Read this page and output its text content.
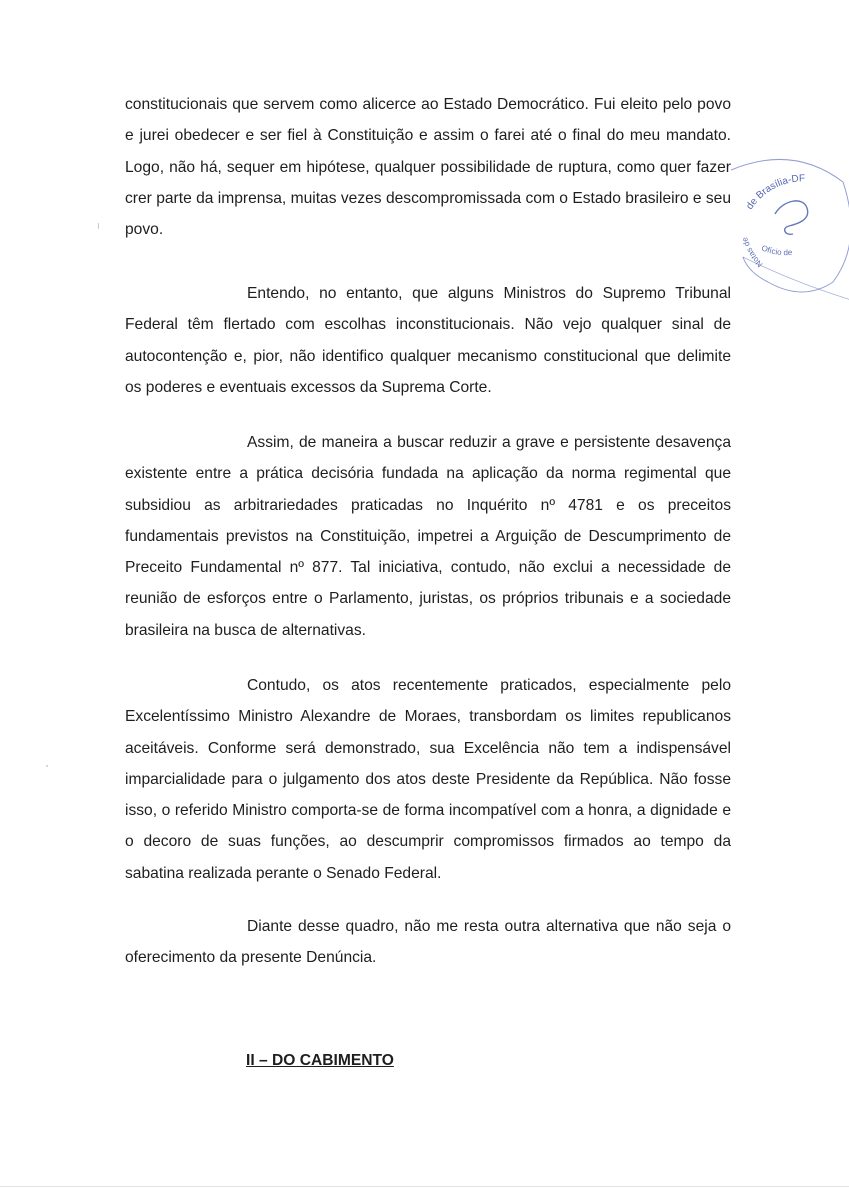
constitucionais que servem como alicerce ao Estado Democrático. Fui eleito pelo povo e jurei obedecer e ser fiel à Constituição e assim o farei até o final do meu mandato. Logo, não há, sequer em hipótese, qualquer possibilidade de ruptura, como quer fazer crer parte da imprensa, muitas vezes descompromissada com o Estado brasileiro e seu povo.

Entendo, no entanto, que alguns Ministros do Supremo Tribunal Federal têm flertado com escolhas inconstitucionais. Não vejo qualquer sinal de autocontenção e, pior, não identifico qualquer mecanismo constitucional que delimite os poderes e eventuais excessos da Suprema Corte.

Assim, de maneira a buscar reduzir a grave e persistente desavença existente entre a prática decisória fundada na aplicação da norma regimental que subsidiou as arbitrariedades praticadas no Inquérito nº 4781 e os preceitos fundamentais previstos na Constituição, impetrei a Arguição de Descumprimento de Preceito Fundamental nº 877. Tal iniciativa, contudo, não exclui a necessidade de reunião de esforços entre o Parlamento, juristas, os próprios tribunais e a sociedade brasileira na busca de alternativas.

Contudo, os atos recentemente praticados, especialmente pelo Excelentíssimo Ministro Alexandre de Moraes, transbordam os limites republicanos aceitáveis. Conforme será demonstrado, sua Excelência não tem a indispensável imparcialidade para o julgamento dos atos deste Presidente da República. Não fosse isso, o referido Ministro comporta-se de forma incompatível com a honra, a dignidade e o decoro de suas funções, ao descumprir compromissos firmados ao tempo da sabatina realizada perante o Senado Federal.

Diante desse quadro, não me resta outra alternativa que não seja o oferecimento da presente Denúncia.

II – DO CABIMENTO

de Brasília-DF
Notas de
Ofício de
